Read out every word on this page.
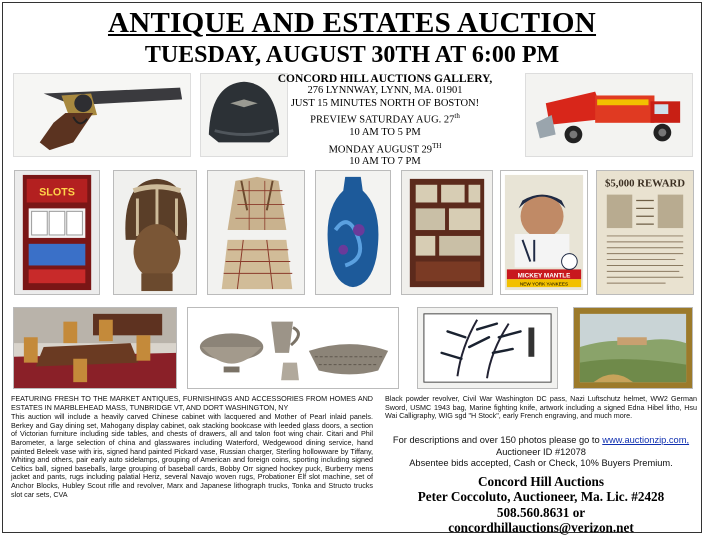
ANTIQUE AND ESTATES AUCTION
TUESDAY, AUGUST 30TH AT 6:00 PM
CONCORD HILL AUCTIONS GALLERY,
276 LYNNWAY, LYNN, MA. 01901
JUST 15 MINUTES NORTH OF BOSTON!
PREVIEW SATURDAY AUG. 27th
10 AM TO 5 PM
MONDAY AUGUST 29TH
10 AM TO 7 PM
SLOTS
MICKEY MANTLE
NEW YORK YANKEES
$5,000 REWARD

FEATURING FRESH TO THE MARKET ANTIQUES, FURNISHINGS AND ACCESSORIES FROM HOMES AND ESTATES IN MARBLEHEAD MASS, TUNBRIDGE VT, AND DORT WASHINGTON, NY

This auction will include a heavily carved Chinese cabinet with lacquered and Mother of Pearl inlaid panels. Berkey and Gay dining set, Mahogany display cabinet, oak stacking bookcase with leeded glass doors, a section of Victorian furniture including side tables, and chests of drawers, all and talon foot wing chair. Citari and Phil Barometer, a large selection of china and glasswares including Waterford, Wedgewood dining service, hand painted Beleek vase with iris, signed hand painted Pickard vase, Russian charger, Sterling hollowware by Tiffany, Whiting and others, pair early auto sidelamps, grouping of American and foreign coins, sporting including signed Celtics ball, signed baseballs, large grouping of baseball cards, Bobby Orr signed hockey puck, Burberry mens jacket and pants, rugs including palatial Heriz, several Navajo woven rugs, Probationer Elf slot machine, set of Anchor Blocks, Hubley Scout rifle and revolver, Marx and Japanese lithograph trucks, Tonka and Structo trucks slot car sets, CVA

Black powder revolver, Civil War Washington DC pass, Nazi Luftschutz helmet, WW2 German Sword, USMC 1943 bag, Marine fighting knife, artwork including a signed Edna Hibel litho, Hsu Wai Calligraphy, WIG sgd "H Stock", early French engraving, and much more.
For descriptions and over 150 photos please go to www.auctionzip.com,
Auctioneer ID #12078
Absentee bids accepted, Cash or Check, 10% Buyers Premium.
Concord Hill Auctions
Peter Coccoluto, Auctioneer, Ma. Lic. #2428
508.560.8631 or
concordhillauctions@verizon.net
